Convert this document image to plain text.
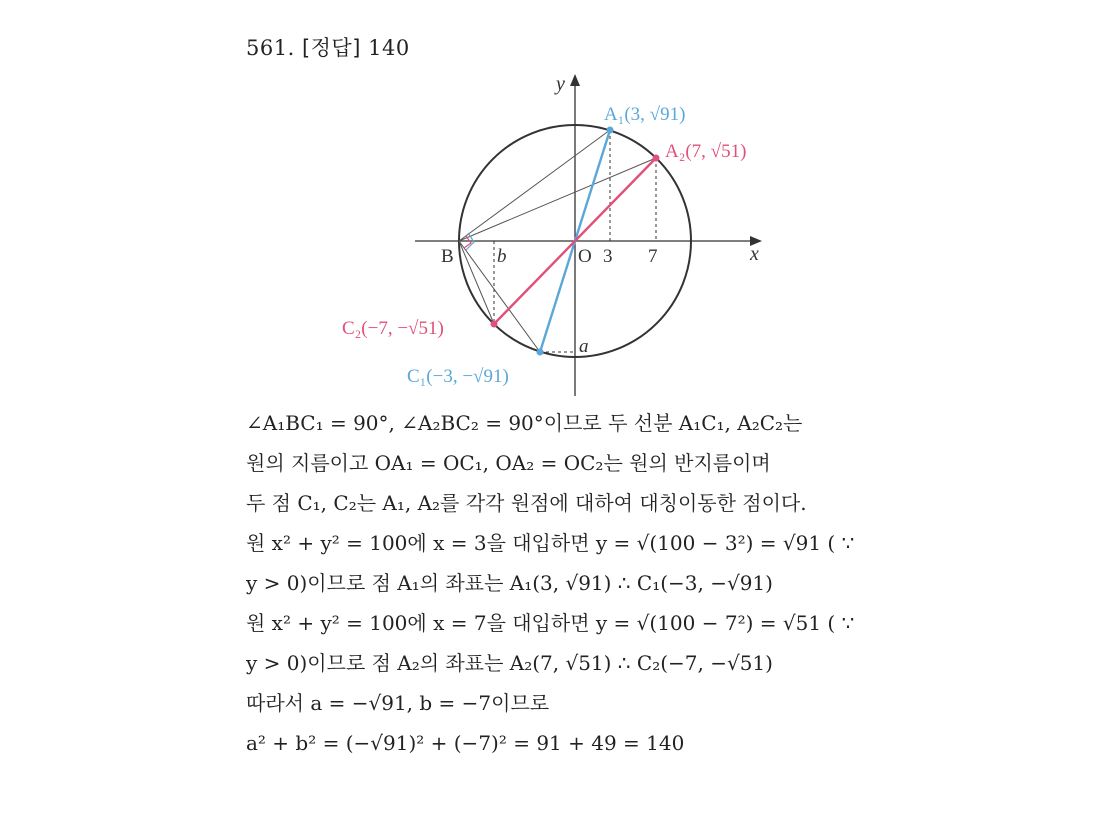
561. [정답] 140
y
x
O 3 7
b
a
B
A₁(3, √91)
A₂(7, √51)
C₂(−7, −√51)
C₁(−3, −√91)
∠A₁BC₁ = 90°, ∠A₂BC₂ = 90°이므로 두 선분 A₁C₁, A₂C₂는
원의 지름이고 OA₁ = OC₁, OA₂ = OC₂는 원의 반지름이며
두 점 C₁, C₂는 A₁, A₂를 각각 원점에 대하여 대칭이동한 점이다.
원 x² + y² = 100에 x = 3을 대입하면 y = √(100 − 3²) = √91 ( ∵
y > 0)이므로 점 A₁의 좌표는 A₁(3, √91) ∴ C₁(−3, −√91)
원 x² + y² = 100에 x = 7을 대입하면 y = √(100 − 7²) = √51 ( ∵
y > 0)이므로 점 A₂의 좌표는 A₂(7, √51) ∴ C₂(−7, −√51)
따라서 a = −√91, b = −7이므로
a² + b² = (−√91)² + (−7)² = 91 + 49 = 140
